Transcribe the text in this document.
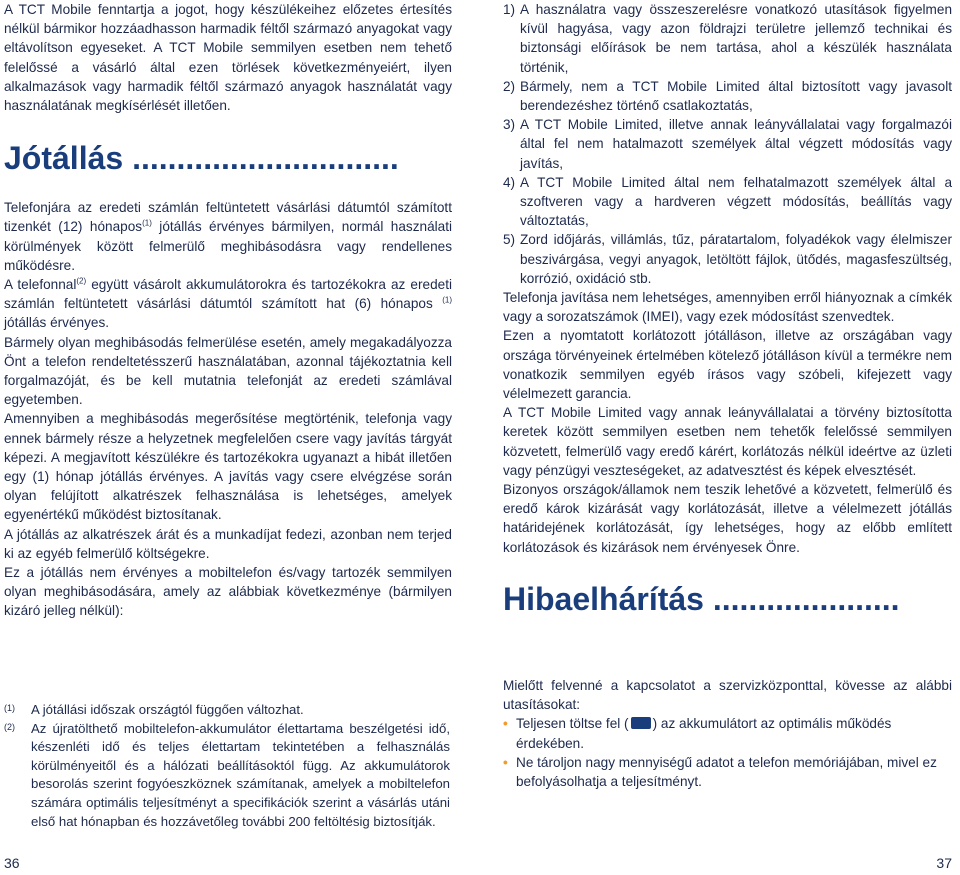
A TCT Mobile fenntartja a jogot, hogy készülékeihez előzetes értesítés nélkül bármikor hozzáadhasson harmadik féltől származó anyagokat vagy eltávolítson egyeseket. A TCT Mobile semmilyen esetben nem tehető felelőssé a vásárló által ezen törlések következményeiért, ilyen alkalmazások vagy harmadik féltől származó anyagok használatát vagy használatának megkísérlését illetően.

Jótállás ..............................

Telefonjára az eredeti számlán feltüntetett vásárlási dátumtól számított tizenkét (12) hónapos$^{(1)}$ jótállás érvényes bármilyen, normál használati körülmények között felmerülő meghibásodásra vagy rendellenes működésre.

A telefonnal$^{(2)}$ együtt vásárolt akkumulátorokra és tartozékokra az eredeti számlán feltüntetett vásárlási dátumtól számított hat (6) hónapos $^{(1)}$ jótállás érvényes.

Bármely olyan meghibásodás felmerülése esetén, amely megakadályozza Önt a telefon rendeltetésszerű használatában, azonnal tájékoztatnia kell forgalmazóját, és be kell mutatnia telefonját az eredeti számlával egyetemben.

Amennyiben a meghibásodás megerősítése megtörténik, telefonja vagy ennek bármely része a helyzetnek megfelelően csere vagy javítás tárgyát képezi. A megjavított készülékre és tartozékokra ugyanazt a hibát illetően egy (1) hónap jótállás érvényes. A javítás vagy csere elvégzése során olyan felújított alkatrészek felhasználása is lehetséges, amelyek egyenértékű működést biztosítanak.

A jótállás az alkatrészek árát és a munkadíjat fedezi, azonban nem terjed ki az egyéb felmerülő költségekre.

Ez a jótállás nem érvényes a mobiltelefon és/vagy tartozék semmilyen olyan meghibásodására, amely az alábbiak következménye (bármilyen kizáró jelleg nélkül):

(1) A jótállási időszak országtól függően változhat.
(2) Az újratölthető mobiltelefon-akkumulátor élettartama beszélgetési idő, készenléti idő és teljes élettartam tekintetében a felhasználás körülményeitől és a hálózati beállításoktól függ. Az akkumulátorok besorolás szerint fogyóeszköznek számítanak, amelyek a mobiltelefon számára optimális teljesítményt a specifikációk szerint a vásárlás utáni első hat hónapban és hozzávetőleg további 200 feltöltésig biztosítják.
1) A használatra vagy összeszerelésre vonatkozó utasítások figyelmen kívül hagyása, vagy azon földrajzi területre jellemző technikai és biztonsági előírások be nem tartása, ahol a készülék használata történik,
2) Bármely, nem a TCT Mobile Limited által biztosított vagy javasolt berendezéshez történő csatlakoztatás,
3) A TCT Mobile Limited, illetve annak leányvállalatai vagy forgalmazói által fel nem hatalmazott személyek által végzett módosítás vagy javítás,
4) A TCT Mobile Limited által nem felhatalmazott személyek által a szoftveren vagy a hardveren végzett módosítás, beállítás vagy változtatás,
5) Zord időjárás, villámlás, tűz, páratartalom, folyadékok vagy élelmiszer beszivárgása, vegyi anyagok, letöltött fájlok, ütődés, magasfeszültség, korrózió, oxidáció stb.

Telefonja javítása nem lehetséges, amennyiben erről hiányoznak a címkék vagy a sorozatszámok (IMEI), vagy ezek módosítást szenvedtek.

Ezen a nyomtatott korlátozott jótálláson, illetve az országában vagy országa törvényeinek értelmében kötelező jótálláson kívül a termékre nem vonatkozik semmilyen egyéb írásos vagy szóbeli, kifejezett vagy vélelmezett garancia.

A TCT Mobile Limited vagy annak leányvállalatai a törvény biztosította keretek között semmilyen esetben nem tehetők felelőssé semmilyen közvetett, felmerülő vagy eredő kárért, korlátozás nélkül ideértve az üzleti vagy pénzügyi veszteségeket, az adatvesztést és képek elvesztését.

Bizonyos országok/államok nem teszik lehetővé a közvetett, felmerülő és eredő károk kizárását vagy korlátozását, illetve a vélelmezett jótállás határidejének korlátozását, így lehetséges, hogy az előbb említett korlátozások és kizárások nem érvényesek Önre.

Hibaelhárítás .....................

Mielőtt felvenné a kapcsolatot a szervizközponttal, kövesse az alábbi utasításokat:

• Teljesen töltse fel ( ) az akkumulátort az optimális működés érdekében.
• Ne tároljon nagy mennyiségű adatot a telefon memóriájában, mivel ez befolyásolhatja a teljesítményt.
36	37
